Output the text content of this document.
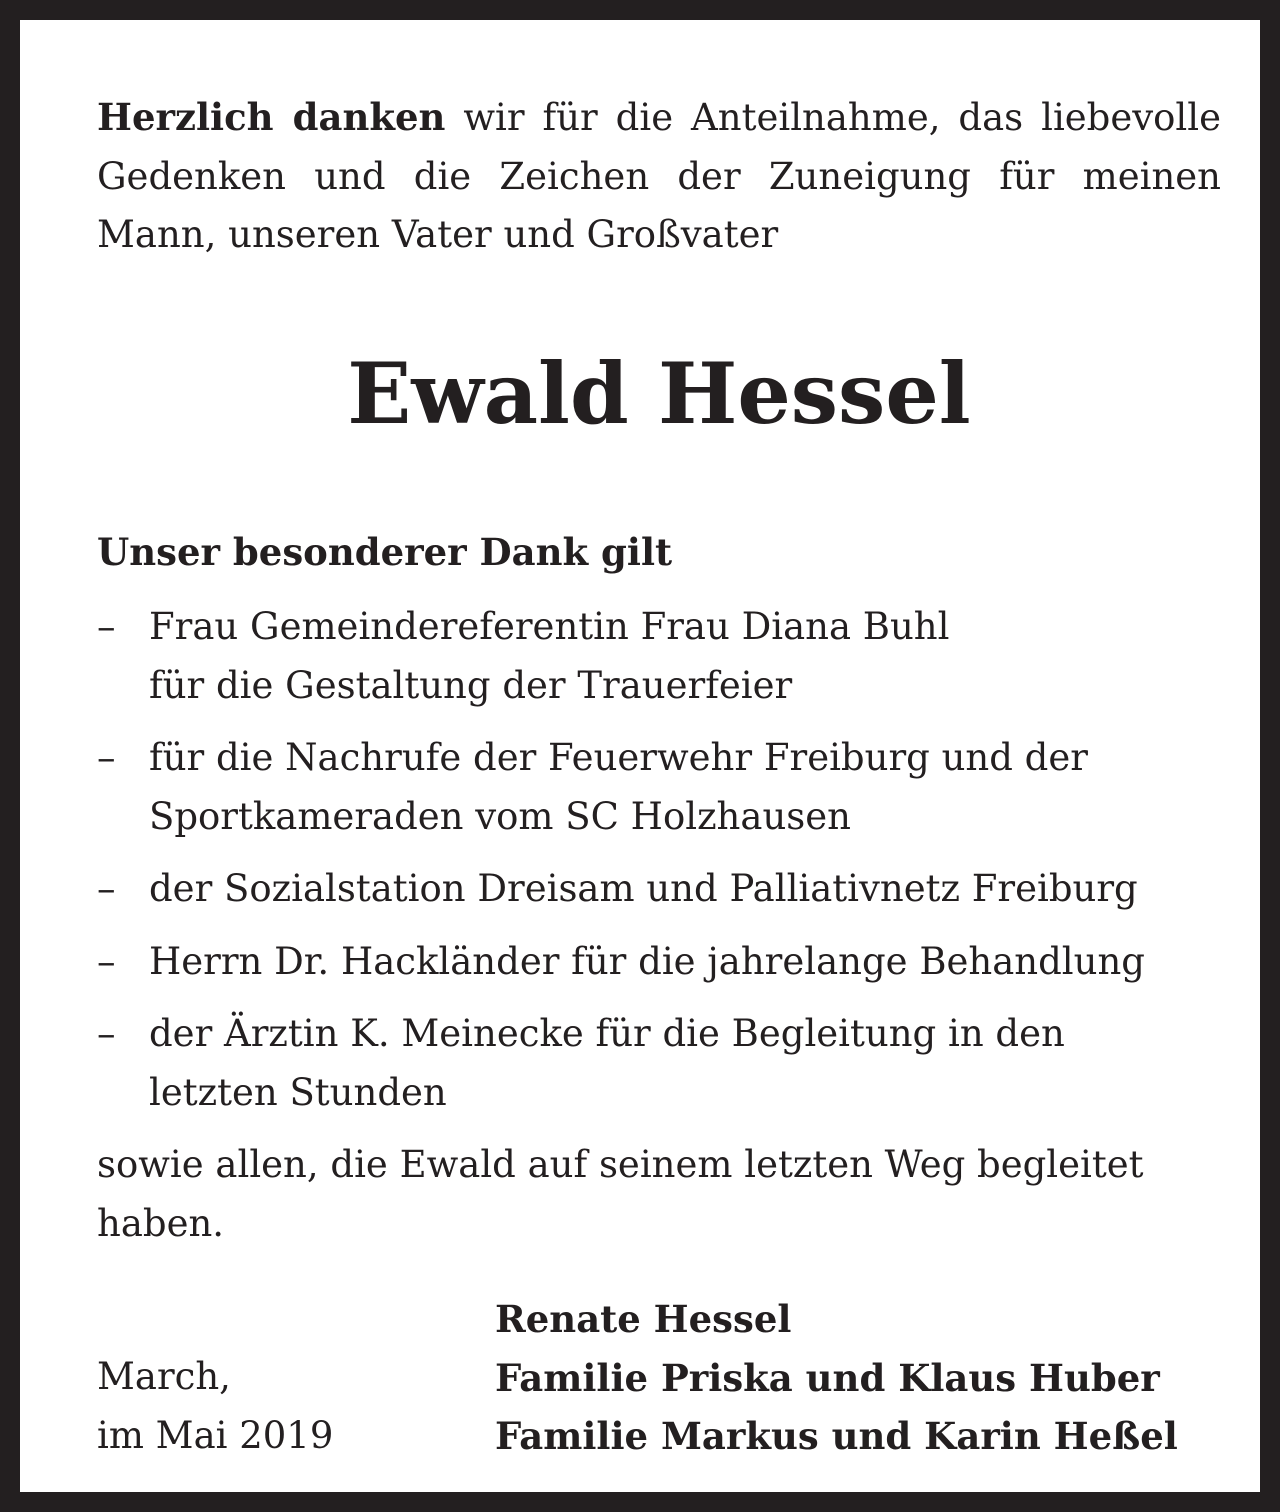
Herzlich danken wir für die Anteilnahme, das liebevolle Gedenken und die Zeichen der Zuneigung für meinen Mann, unseren Vater und Großvater

Ewald Hessel
Unser besonderer Dank gilt
– Frau Gemeindereferentin Frau Diana Buhl
für die Gestaltung der Trauerfeier
– für die Nachrufe der Feuerwehr Freiburg und der
Sportkameraden vom SC Holzhausen
– der Sozialstation Dreisam und Palliativnetz Freiburg
– Herrn Dr. Hackländer für die jahrelange Behandlung
– der Ärztin K. Meinecke für die Begleitung in den
letzten Stunden

sowie allen, die Ewald auf seinem letzten Weg begleitet haben.

March,
im Mai 2019
Renate Hessel
Familie Priska und Klaus Huber
Familie Markus und Karin Heßel
